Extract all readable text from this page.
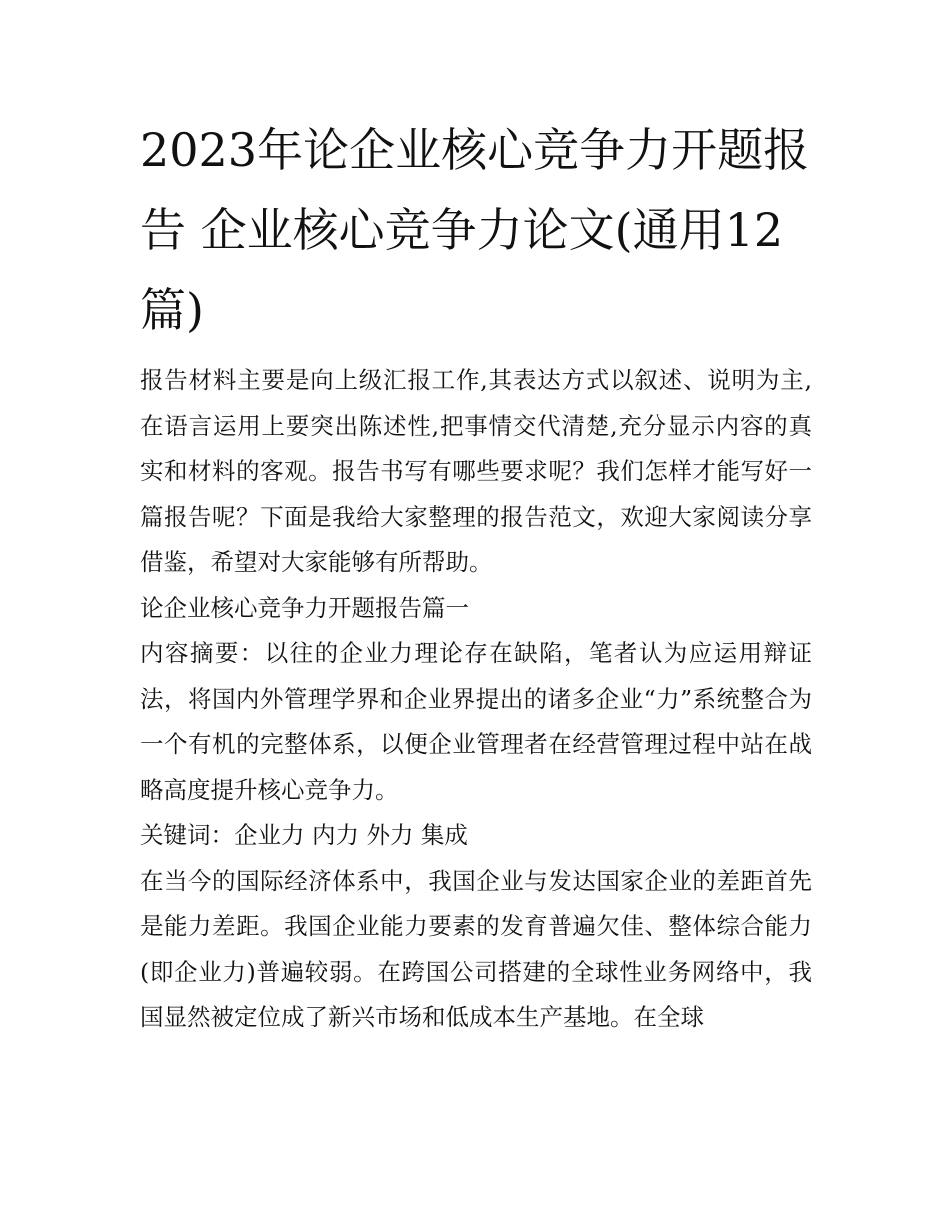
2023年论企业核心竞争力开题报告 企业核心竞争力论文(通用12篇)

报告材料主要是向上级汇报工作,其表达方式以叙述、说明为主,在语言运用上要突出陈述性,把事情交代清楚,充分显示内容的真实和材料的客观。报告书写有哪些要求呢？我们怎样才能写好一篇报告呢？下面是我给大家整理的报告范文，欢迎大家阅读分享借鉴，希望对大家能够有所帮助。

论企业核心竞争力开题报告篇一

内容摘要：以往的企业力理论存在缺陷，笔者认为应运用辩证法，将国内外管理学界和企业界提出的诸多企业“力”系统整合为一个有机的完整体系，以便企业管理者在经营管理过程中站在战略高度提升核心竞争力。

关键词：企业力 内力 外力 集成

在当今的国际经济体系中，我国企业与发达国家企业的差距首先是能力差距。我国企业能力要素的发育普遍欠佳、整体综合能力(即企业力)普遍较弱。在跨国公司搭建的全球性业务网络中，我国显然被定位成了新兴市场和低成本生产基地。在全球
